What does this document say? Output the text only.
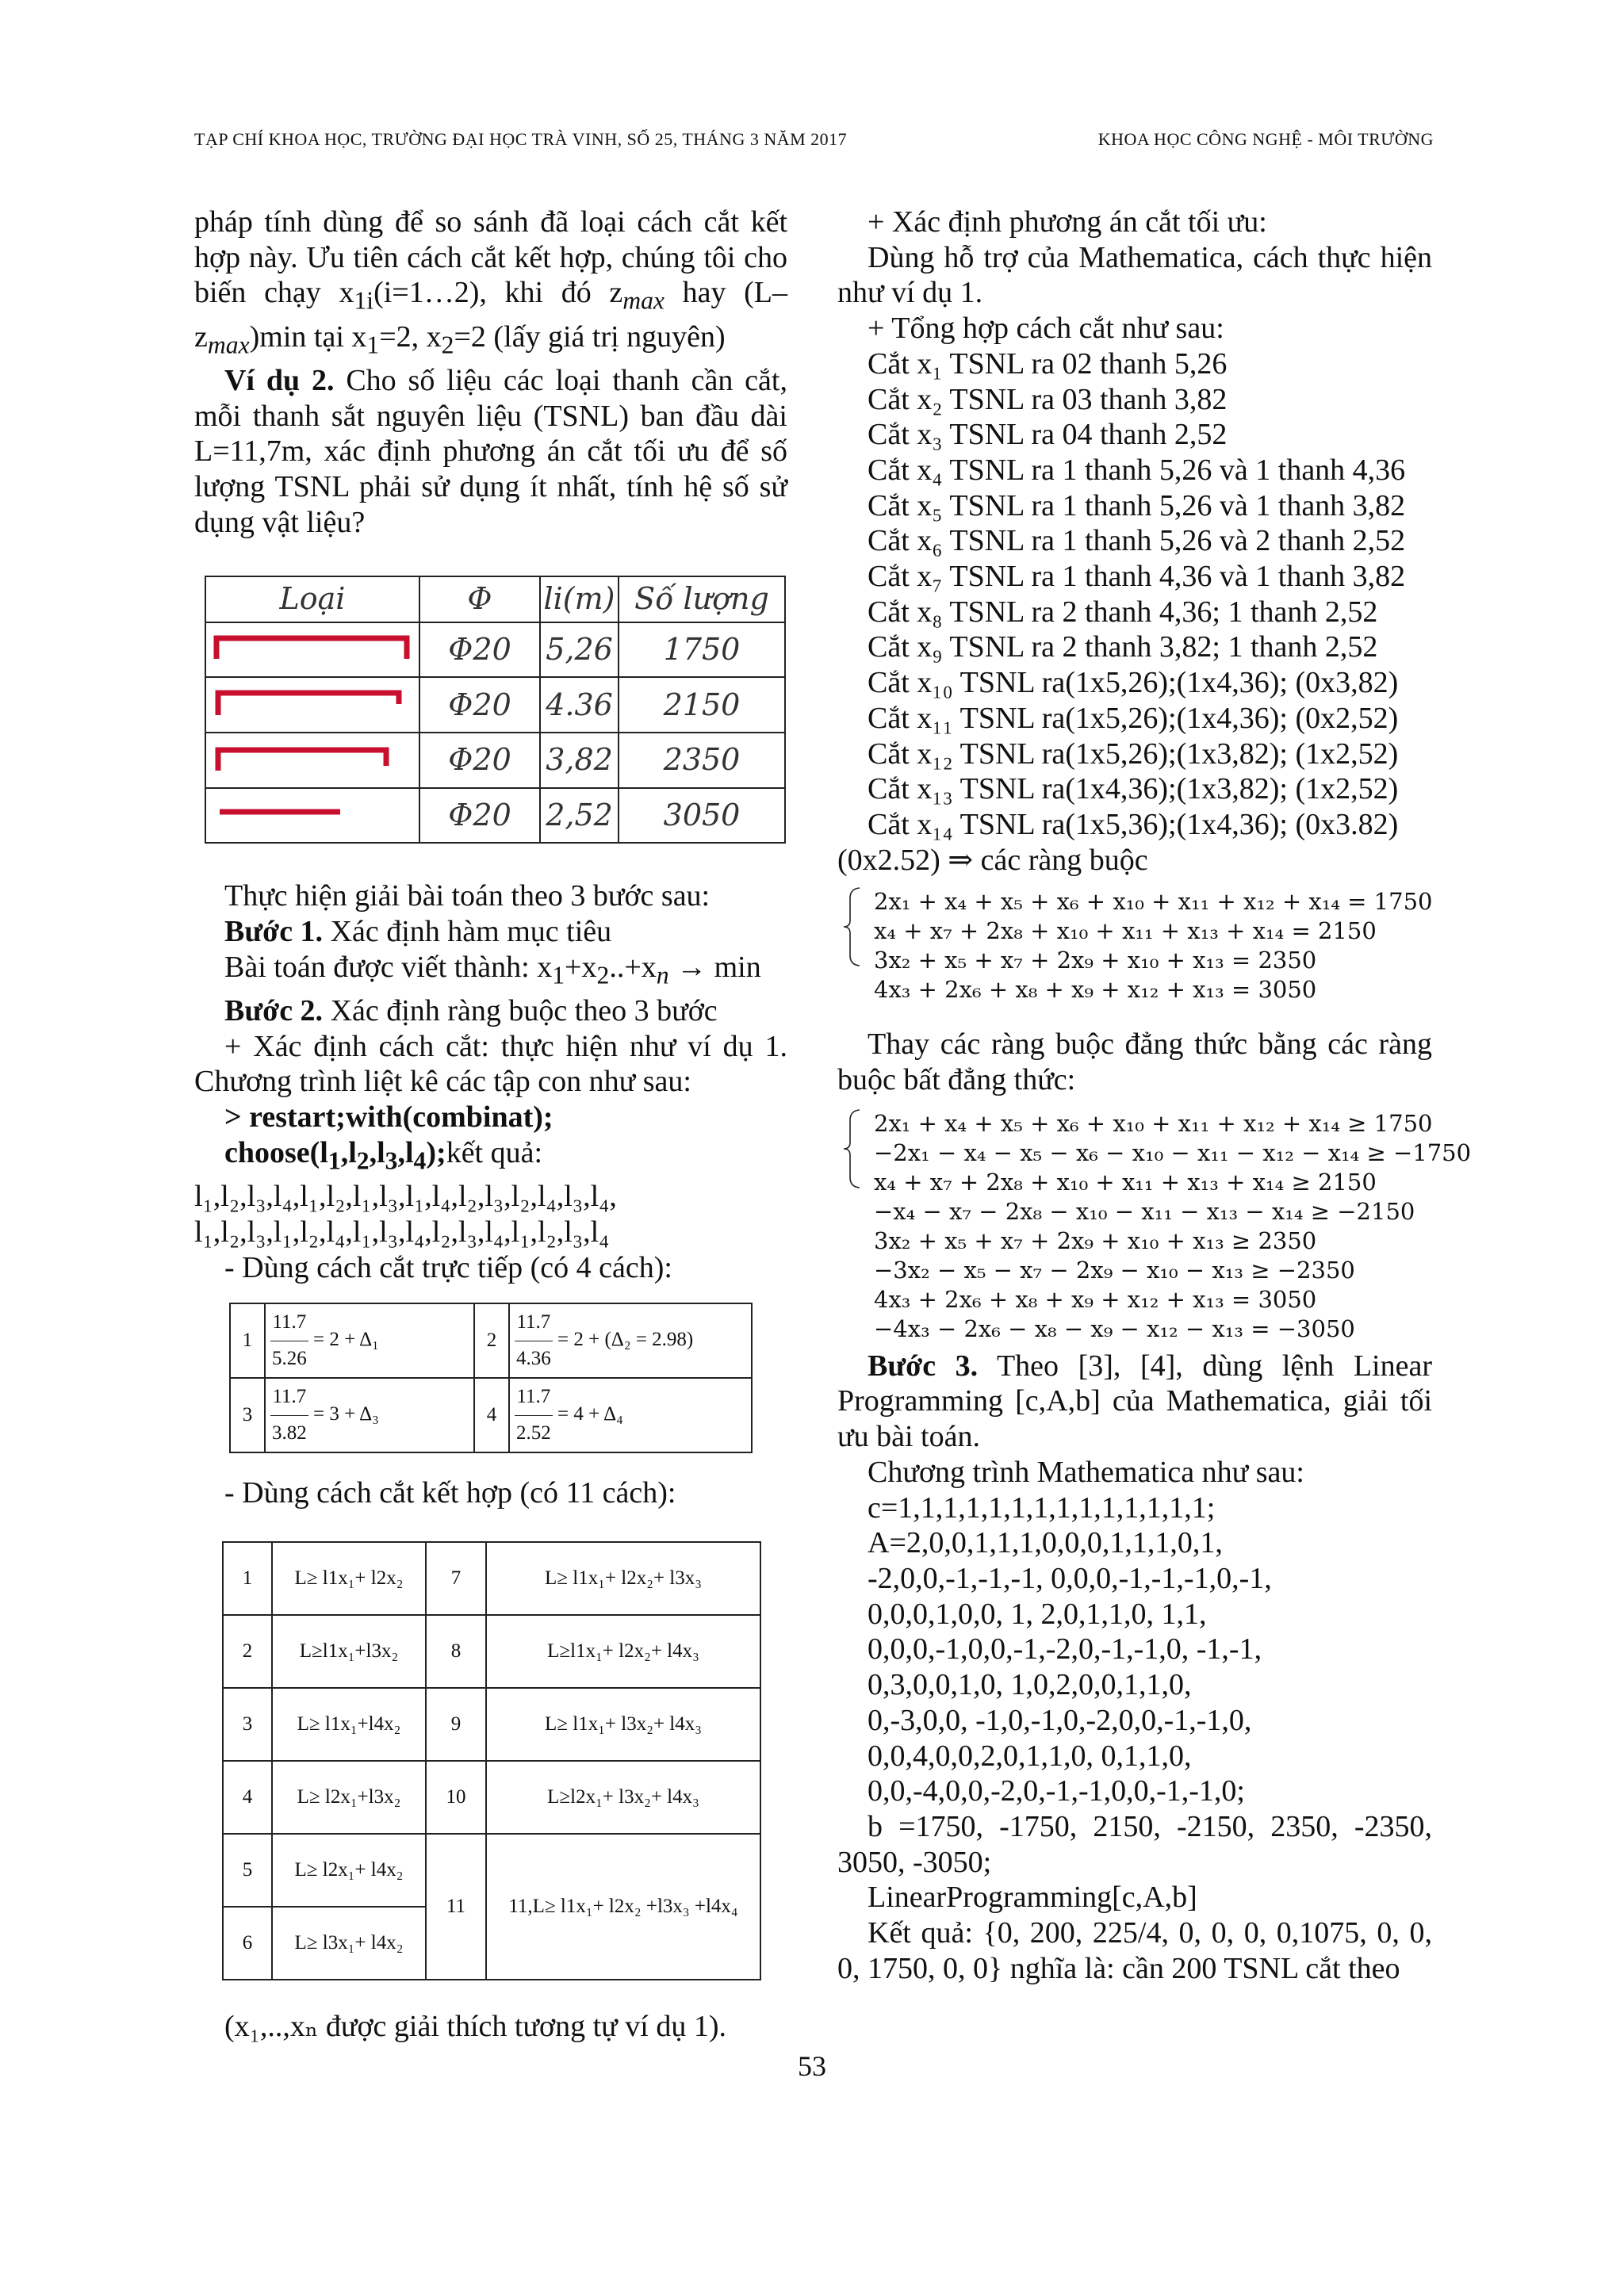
TẠP CHÍ KHOA HỌC, TRƯỜNG ĐẠI HỌC TRÀ VINH, SỐ 25, THÁNG 3 NĂM 2017	KHOA HỌC CÔNG NGHỆ - MÔI TRƯỜNG

pháp tính dùng để so sánh đã loại cách cắt kết hợp này. Ưu tiên cách cắt kết hợp, chúng tôi cho biến chạy $x_{1i}(i=1\dots 2)$, khi đó $z_{max}$ hay $(L-z_{max})\min$ tại $x_1=2$, $x_2=2$ (lấy giá trị nguyên)

Ví dụ 2. Cho số liệu các loại thanh cần cắt, mỗi thanh sắt nguyên liệu (TSNL) ban đầu dài L=11,7m, xác định phương án cắt tối ưu để số lượng TSNL phải sử dụng ít nhất, tính hệ số sử dụng vật liệu?

Loại	Φ	li(m)	Số lượng
	Φ20	5,26	1750
	Φ20	4.36	2150
	Φ20	3,82	2350
	Φ20	2,52	3050

Thực hiện giải bài toán theo 3 bước sau:

Bước 1. Xác định hàm mục tiêu

Bài toán được viết thành: $x_1+x_2..+x_n \to \min$

Bước 2. Xác định ràng buộc theo 3 bước

+ Xác định cách cắt: thực hiện như ví dụ 1. Chương trình liệt kê các tập con như sau:

> restart;with(combinat);

$choose(l_1,l_2,l_3,l_4);kết$ quả:

l₁,l₂,l₃,l₄,l₁,l₂,l₁,l₃,l₁,l₄,l₂,l₃,l₂,l₄,l₃,l₄,

l₁,l₂,l₃,l₁,l₂,l₄,l₁,l₃,l₄,l₂,l₃,l₄,l₁,l₂,l₃,l₄

- Dùng cách cắt trực tiếp (có 4 cách):

1	$\frac{11.7}{5.26} = 2 + \Delta_1$	2	$\frac{11.7}{4.36} = 2 + (\Delta_2 = 2.98)$
3	$\frac{11.7}{3.82} = 3 + \Delta_3$	4	$\frac{11.7}{2.52} = 4 + \Delta_4$

- Dùng cách cắt kết hợp (có 11 cách):

1	L≥ l1x₁+ l2x₂	7	L≥ l1x₁+ l2x₂+ l3x₃
2	L≥l1x₁+l3x₂	8	L≥l1x₁+ l2x₂+ l4x₃
3	L≥ l1x₁+l4x₂	9	L≥ l1x₁+ l3x₂+ l4x₃
4	L≥ l2x₁+l3x₂	10	L≥l2x₁+ l3x₂+ l4x₃
5	L≥ l2x₁+ l4x₂	11	11,L≥ l1x₁+ l2x₂ +l3x₃ +l4x₄
6	L≥ l3x₁+ l4x₂		

(x₁,..,xₙ được giải thích tương tự ví dụ 1).

+ Xác định phương án cắt tối ưu:

Dùng hỗ trợ của Mathematica, cách thực hiện như ví dụ 1.

+ Tổng hợp cách cắt như sau:

Cắt x₁ TSNL ra 02 thanh 5,26
Cắt x₂ TSNL ra 03 thanh 3,82
Cắt x₃ TSNL ra 04 thanh 2,52
Cắt x₄ TSNL ra 1 thanh 5,26 và 1 thanh 4,36
Cắt x₅ TSNL ra 1 thanh 5,26 và 1 thanh 3,82
Cắt x₆ TSNL ra 1 thanh 5,26 và 2 thanh 2,52
Cắt x₇ TSNL ra 1 thanh 4,36 và 1 thanh 3,82
Cắt x₈ TSNL ra 2 thanh 4,36; 1 thanh 2,52
Cắt x₉ TSNL ra 2 thanh 3,82; 1 thanh 2,52
Cắt x₁₀ TSNL ra(1x5,26);(1x4,36); (0x3,82)
Cắt x₁₁ TSNL ra(1x5,26);(1x4,36); (0x2,52)
Cắt x₁₂ TSNL ra(1x5,26);(1x3,82); (1x2,52)
Cắt x₁₃ TSNL ra(1x4,36);(1x3,82); (1x2,52)
Cắt x₁₄ TSNL ra(1x5,36);(1x4,36); (0x3.82)

(0x2.52) ⇒ các ràng buộc

2x₁ + x₄ + x₅ + x₆ + x₁₀ + x₁₁ + x₁₂ + x₁₄ = 1750
x₄ + x₇ + 2x₈ + x₁₀ + x₁₁ + x₁₃ + x₁₄ = 2150
3x₂ + x₅ + x₇ + 2x₉ + x₁₀ + x₁₃ = 2350
4x₃ + 2x₆ + x₈ + x₉ + x₁₂ + x₁₃ = 3050

Thay các ràng buộc đẳng thức bằng các ràng buộc bất đẳng thức:

2x₁ + x₄ + x₅ + x₆ + x₁₀ + x₁₁ + x₁₂ + x₁₄ ≥ 1750
−2x₁ − x₄ − x₅ − x₆ − x₁₀ − x₁₁ − x₁₂ − x₁₄ ≥ −1750
x₄ + x₇ + 2x₈ + x₁₀ + x₁₁ + x₁₃ + x₁₄ ≥ 2150
−x₄ − x₇ − 2x₈ − x₁₀ − x₁₁ − x₁₃ − x₁₄ ≥ −2150
3x₂ + x₅ + x₇ + 2x₉ + x₁₀ + x₁₃ ≥ 2350
−3x₂ − x₅ − x₇ − 2x₉ − x₁₀ − x₁₃ ≥ −2350
4x₃ + 2x₆ + x₈ + x₉ + x₁₂ + x₁₃ = 3050
−4x₃ − 2x₆ − x₈ − x₉ − x₁₂ − x₁₃ = −3050

Bước 3. Theo [3], [4], dùng lệnh Linear Programming [c,A,b] của Mathematica, giải tối ưu bài toán.

Chương trình Mathematica như sau:

c=1,1,1,1,1,1,1,1,1,1,1,1,1,1;
A=2,0,0,1,1,1,0,0,0,1,1,1,0,1,
-2,0,0,-1,-1,-1, 0,0,0,-1,-1,-1,0,-1,
0,0,0,1,0,0, 1, 2,0,1,1,0, 1,1,
0,0,0,-1,0,0,-1,-2,0,-1,-1,0, -1,-1,
0,3,0,0,1,0, 1,0,2,0,0,1,1,0,
0,-3,0,0, -1,0,-1,0,-2,0,0,-1,-1,0,
0,0,4,0,0,2,0,1,1,0, 0,1,1,0,
0,0,-4,0,0,-2,0,-1,-1,0,0,-1,-1,0;

b =1750, -1750, 2150, -2150, 2350, -2350, 3050, -3050;

LinearProgramming[c,A,b]

Kết quả: {0, 200, 225/4, 0, 0, 0, 0,1075, 0, 0, 0, 1750, 0, 0} nghĩa là: cần 200 TSNL cắt theo

53
